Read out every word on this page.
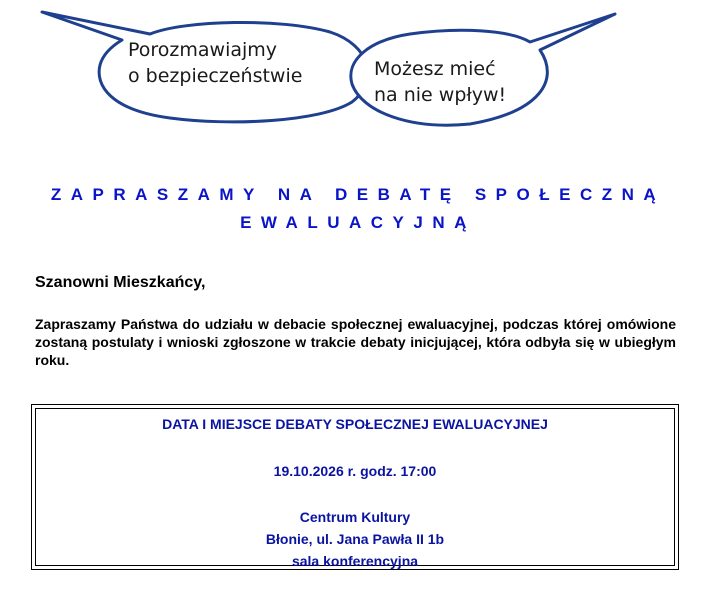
Porozmawiajmy
o bezpieczeństwie	Możesz mieć
na nie wpływ!
ZAPRASZAMY NA DEBATĘ SPOŁECZNĄ
EWALUACYJNĄ

Szanowni Mieszkańcy,

Zapraszamy Państwa do udziału w debacie społecznej ewaluacyjnej, podczas której omówione zostaną postulaty i wnioski zgłoszone w trakcie debaty inicjującej, która odbyła się w ubiegłym roku.

DATA I MIEJSCE DEBATY SPOŁECZNEJ EWALUACYJNEJ

19.10.2026 r. godz. 17:00

Centrum Kultury

Błonie, ul. Jana Pawła II 1b

sala konferencyjna
